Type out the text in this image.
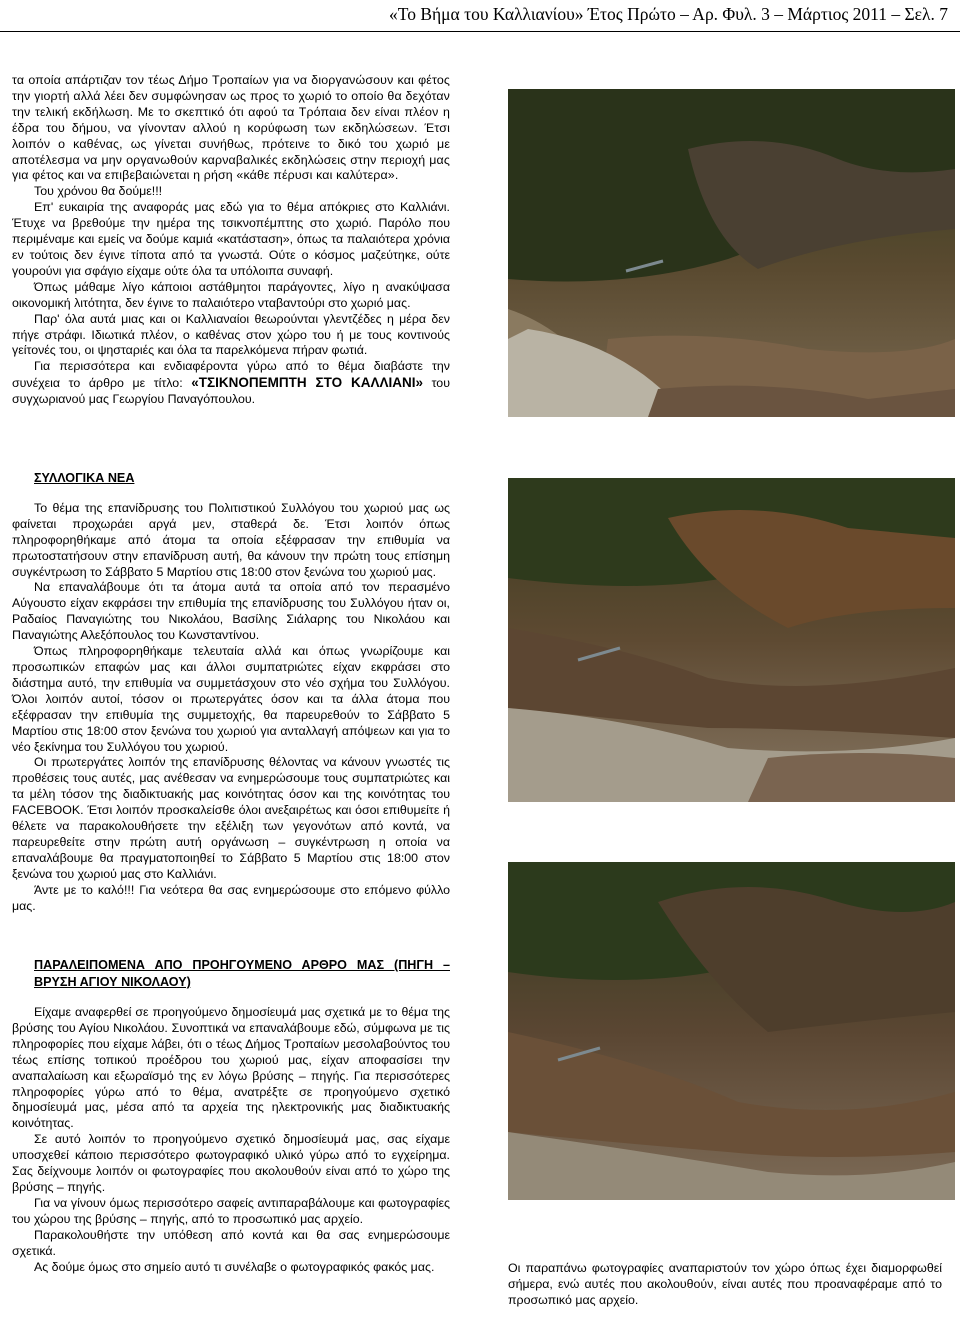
«Το Βήμα του Καλλιανίου» Έτος Πρώτο – Αρ. Φυλ. 3 – Μάρτιος 2011 – Σελ. 7

τα οποία απάρτιζαν τον τέως Δήμο Τροπαίων για να διοργανώσουν και φέτος την γιορτή αλλά λέει δεν συμφώνησαν ως προς το χωριό το οποίο θα δεχόταν την τελική εκδήλωση. Με το σκεπτικό ότι αφού τα Τρόπαια δεν είναι πλέον η έδρα του δήμου, να γίνονταν αλλού η κορύφωση των εκδηλώσεων. Έτσι λοιπόν ο καθένας, ως γίνεται συνήθως, πρότεινε το δικό του χωριό με αποτέλεσμα να μην οργανωθούν καρναβαλικές εκδηλώσεις στην περιοχή μας για φέτος και να επιβεβαιώνεται η ρήση «κάθε πέρυσι και καλύτερα».

Του χρόνου θα δούμε!!!

Επ' ευκαιρία της αναφοράς μας εδώ για το θέμα απόκριες στο Καλλιάνι. Έτυχε να βρεθούμε την ημέρα της τσικνοπέμπτης στο χωριό. Παρόλο που περιμέναμε και εμείς να δούμε καμιά «κατάσταση», όπως τα παλαιότερα χρόνια εν τούτοις δεν έγινε τίποτα από τα γνωστά. Ούτε ο κόσμος μαζεύτηκε, ούτε γουρούνι για σφάγιο είχαμε ούτε όλα τα υπόλοιπα συναφή.

Όπως μάθαμε λίγο κάποιοι αστάθμητοι παράγοντες, λίγο η ανακύψασα οικονομική λιτότητα, δεν έγινε το παλαιότερο νταβαντούρι στο χωριό μας.

Παρ' όλα αυτά μιας και οι Καλλιαναίοι θεωρούνται γλεντζέδες η μέρα δεν πήγε στράφι. Ιδιωτικά πλέον, ο καθένας στον χώρο του ή με τους κοντινούς γείτονές του, οι ψησταριές και όλα τα παρελκόμενα πήραν φωτιά.

Για περισσότερα και ενδιαφέροντα γύρω από το θέμα διαβάστε την συνέχεια το άρθρο με τίτλο: «ΤΣΙΚΝΟΠΕΜΠΤΗ ΣΤΟ ΚΑΛΛΙΑΝΙ» του συγχωριανού μας Γεωργίου Παναγόπουλου.

ΣΥΛΛΟΓΙΚΑ ΝΕΑ

Το θέμα της επανίδρυσης του Πολιτιστικού Συλλόγου του χωριού μας ως φαίνεται προχωράει αργά μεν, σταθερά δε. Έτσι λοιπόν όπως πληροφορηθήκαμε από άτομα τα οποία εξέφρασαν την επιθυμία να πρωτοστατήσουν στην επανίδρυση αυτή, θα κάνουν την πρώτη τους επίσημη συγκέντρωση το Σάββατο 5 Μαρτίου στις 18:00 στον ξενώνα του χωριού μας.

Να επαναλάβουμε ότι τα άτομα αυτά τα οποία από τον περασμένο Αύγουστο είχαν εκφράσει την επιθυμία της επανίδρυσης του Συλλόγου ήταν οι, Ραδαίος Παναγιώτης του Νικολάου, Βασίλης Σιάλαρης του Νικολάου και Παναγιώτης Αλεξόπουλος του Κωνσταντίνου.

Όπως πληροφορηθήκαμε τελευταία αλλά και όπως γνωρίζουμε και προσωπικών επαφών μας και άλλοι συμπατριώτες είχαν εκφράσει στο διάστημα αυτό, την επιθυμία να συμμετάσχουν στο νέο σχήμα του Συλλόγου. Όλοι λοιπόν αυτοί, τόσον οι πρωτεργάτες όσον και τα άλλα άτομα που εξέφρασαν την επιθυμία της συμμετοχής, θα παρευρεθούν το Σάββατο 5 Μαρτίου στις 18:00 στον ξενώνα του χωριού για ανταλλαγή απόψεων και για το νέο ξεκίνημα του Συλλόγου του χωριού.

Οι πρωτεργάτες λοιπόν της επανίδρυσης θέλοντας να κάνουν γνωστές τις προθέσεις τους αυτές, μας ανέθεσαν να ενημερώσουμε τους συμπατριώτες και τα μέλη τόσον της διαδικτυακής μας κοινότητας όσον και της κοινότητας του FACEBOOK. Έτσι λοιπόν προσκαλείσθε όλοι ανεξαιρέτως και όσοι επιθυμείτε ή θέλετε να παρακολουθήσετε την εξέλιξη των γεγονότων από κοντά, να παρευρεθείτε στην πρώτη αυτή οργάνωση – συγκέντρωση η οποία να επαναλάβουμε θα πραγματοποιηθεί το Σάββατο 5 Μαρτίου στις 18:00 στον ξενώνα του χωριού μας στο Καλλιάνι.

Άντε με το καλό!!! Για νεότερα θα σας ενημερώσουμε στο επόμενο φύλλο μας.

ΠΑΡΑΛΕΙΠΟΜΕΝΑ ΑΠΟ ΠΡΟΗΓΟΥΜΕΝΟ ΑΡΘΡΟ ΜΑΣ (ΠΗΓΗ – ΒΡΥΣΗ ΑΓΙΟΥ ΝΙΚΟΛΑΟΥ)

Είχαμε αναφερθεί σε προηγούμενο δημοσίευμά μας σχετικά με το θέμα της βρύσης του Αγίου Νικολάου. Συνοπτικά να επαναλάβουμε εδώ, σύμφωνα με τις πληροφορίες που είχαμε λάβει, ότι ο τέως Δήμος Τροπαίων μεσολαβούντος του τέως επίσης τοπικού προέδρου του χωριού μας, είχαν αποφασίσει την αναπαλαίωση και εξωραϊσμό της εν λόγω βρύσης – πηγής. Για περισσότερες πληροφορίες γύρω από το θέμα, ανατρέξτε σε προηγούμενο σχετικό δημοσίευμά μας, μέσα από τα αρχεία της ηλεκτρονικής μας διαδικτυακής κοινότητας.

Σε αυτό λοιπόν το προηγούμενο σχετικό δημοσίευμά μας, σας είχαμε υποσχεθεί κάποιο περισσότερο φωτογραφικό υλικό γύρω από το εγχείρημα. Σας δείχνουμε λοιπόν οι φωτογραφίες που ακολουθούν είναι από το χώρο της βρύσης – πηγής.

Για να γίνουν όμως περισσότερο σαφείς αντιπαραβάλουμε και φωτογραφίες του χώρου της βρύσης – πηγής, από το προσωπικό μας αρχείο.

Παρακολουθήστε την υπόθεση από κοντά και θα σας ενημερώσουμε σχετικά.

Ας δούμε όμως στο σημείο αυτό τι συνέλαβε ο φωτογραφικός φακός μας.	Οι παραπάνω φωτογραφίες αναπαριστούν τον χώρο όπως έχει διαμορφωθεί σήμερα, ενώ αυτές που ακολουθούν, είναι αυτές που προαναφέραμε από το προσωπικό μας αρχείο.
